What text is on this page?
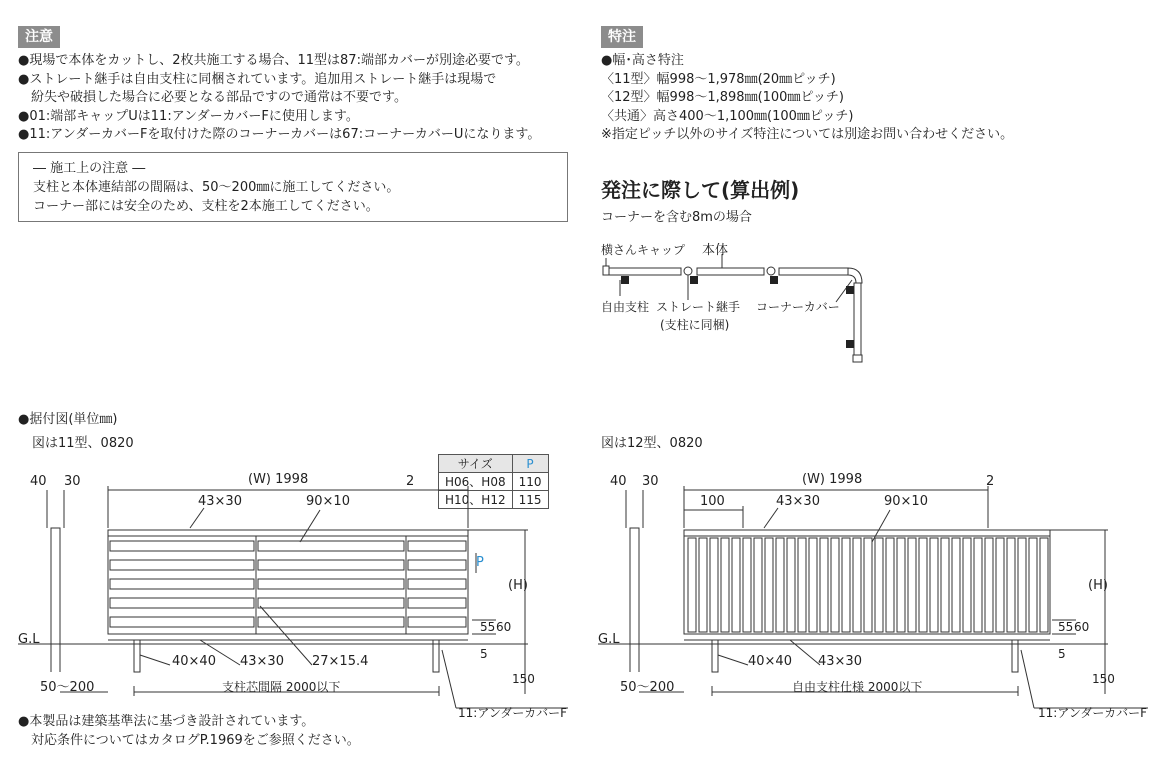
注意
●現場で本体をカットし、2枚共施工する場合、11型は87:端部カバーが別途必要です。
●ストレート継手は自由支柱に同梱されています。追加用ストレート継手は現場で
　紛失や破損した場合に必要となる部品ですので通常は不要です。
●01:端部キャップUは11:アンダーカバーFに使用します。
●11:アンダーカバーFを取付けた際のコーナーカバーは67:コーナーカバーUになります。
― 施工上の注意 ―
支柱と本体連結部の間隔は、50～200㎜に施工してください。
コーナー部には安全のため、支柱を2本施工してください。
特注
●幅･高さ特注
〈11型〉幅998～1,978㎜(20㎜ピッチ)
〈12型〉幅998～1,898㎜(100㎜ピッチ)
〈共通〉高さ400～1,100㎜(100㎜ピッチ)
※指定ピッチ以外のサイズ特注については別途お問い合わせください。
発注に際して(算出例)
コーナーを含む8mの場合
横さんキャップ 本体
自由支柱 ストレート継手
(支柱に同梱)
コーナーカバー
●据付図(単位㎜)
図は11型、0820	図は12型、0820
サイズ	P
H06、H08	110
H10、H12	115
40 30	(W) 1998	2
43×30	90×10
P
(H)
G.L
55 60
5
150
50～200
40×40 43×30 27×15.4
支柱芯間隔 2000以下
11:アンダーカバーF
40 30	(W) 1998	2
100	43×30	90×10
(H)
G.L
55 60
5
150
50～200
40×40 43×30
自由支柱仕様 2000以下
11:アンダーカバーF
●本製品は建築基準法に基づき設計されています。
　対応条件についてはカタログP.1969をご参照ください。
